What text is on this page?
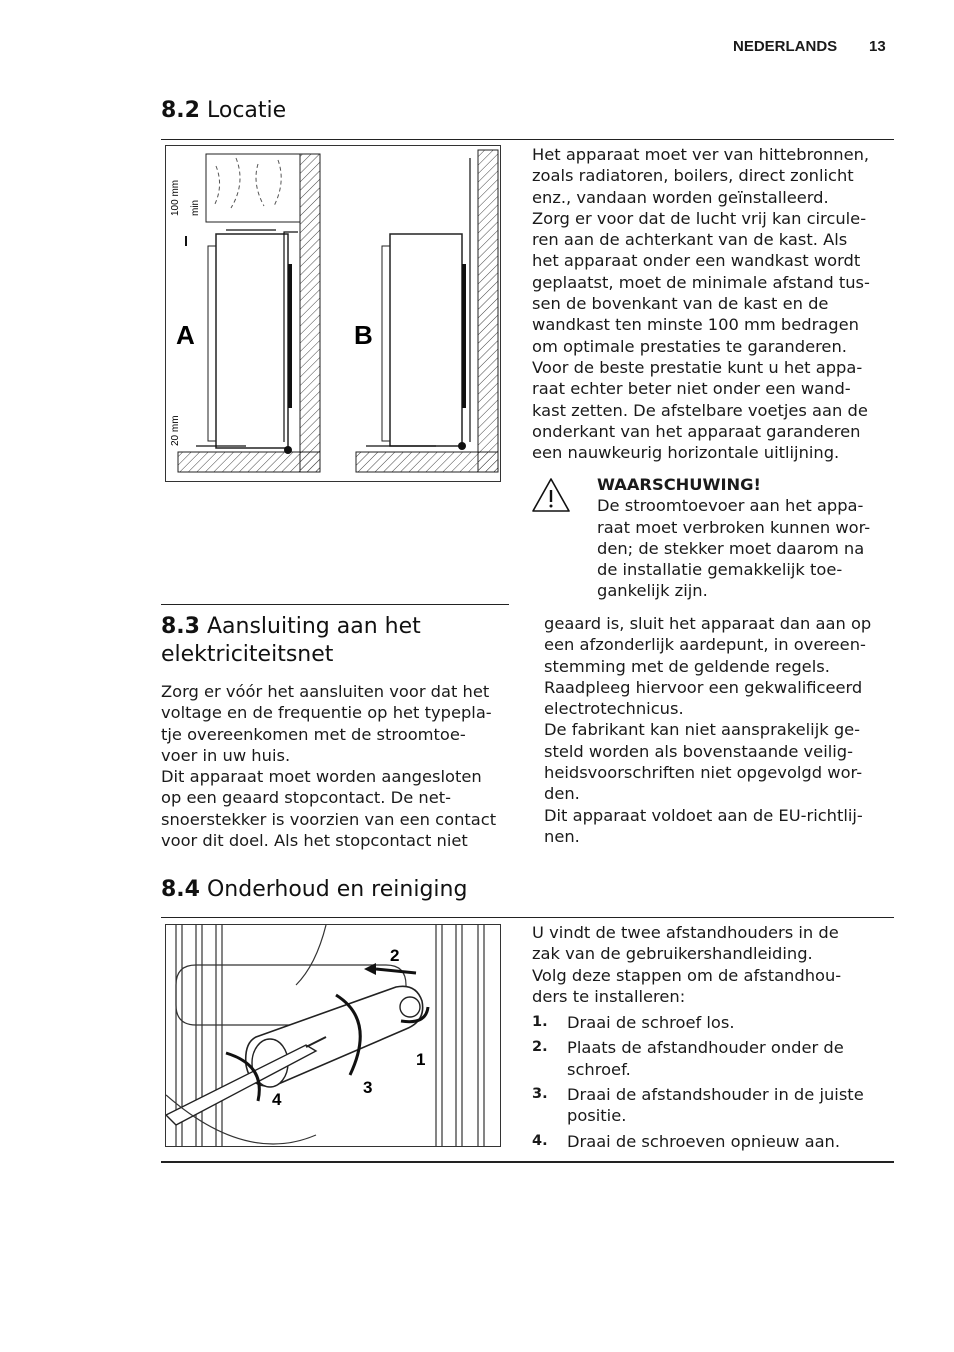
NEDERLANDS 13
8.2 Locatie
100 mm min
20 mm
A	B

Het apparaat moet ver van hittebronnen,

zoals radiatoren, boilers, direct zonlicht

enz., vandaan worden geïnstalleerd.

Zorg er voor dat de lucht vrij kan circule-

ren aan de achterkant van de kast. Als

het apparaat onder een wandkast wordt

geplaatst, moet de minimale afstand tus-

sen de bovenkant van de kast en de

wandkast ten minste 100 mm bedragen

om optimale prestaties te garanderen.

Voor de beste prestatie kunt u het appa-

raat echter beter niet onder een wand-

kast zetten. De afstelbare voetjes aan de

onderkant van het apparaat garanderen

een nauwkeurig horizontale uitlijning.

WAARSCHUWING!

De stroomtoevoer aan het appa-

raat moet verbroken kunnen wor-

den; de stekker moet daarom na

de installatie gemakkelijk toe-

gankelijk zijn.

8.3 Aansluiting aan het
elektriciteitsnet

Zorg er vóór het aansluiten voor dat het

voltage en de frequentie op het typepla-

tje overeenkomen met de stroomtoe-

voer in uw huis.

Dit apparaat moet worden aangesloten

op een geaard stopcontact. De net-

snoerstekker is voorzien van een contact

voor dit doel. Als het stopcontact niet

geaard is, sluit het apparaat dan aan op

een afzonderlijk aardepunt, in overeen-

stemming met de geldende regels.

Raadpleeg hiervoor een gekwalificeerd

electrotechnicus.

De fabrikant kan niet aansprakelijk ge-

steld worden als bovenstaande veilig-

heidsvoorschriften niet opgevolgd wor-

den.

Dit apparaat voldoet aan de EU-richtlij-

nen.

8.4 Onderhoud en reiniging
2
1
3
4

U vindt de twee afstandhouders in de

zak van de gebruikershandleiding.

Volg deze stappen om de afstandhou-

ders te installeren:

1. Draai de schroef los.
2. Plaats de afstandhouder onder de
schroef.
3. Draai de afstandshouder in de juiste
positie.
4. Draai de schroeven opnieuw aan.
